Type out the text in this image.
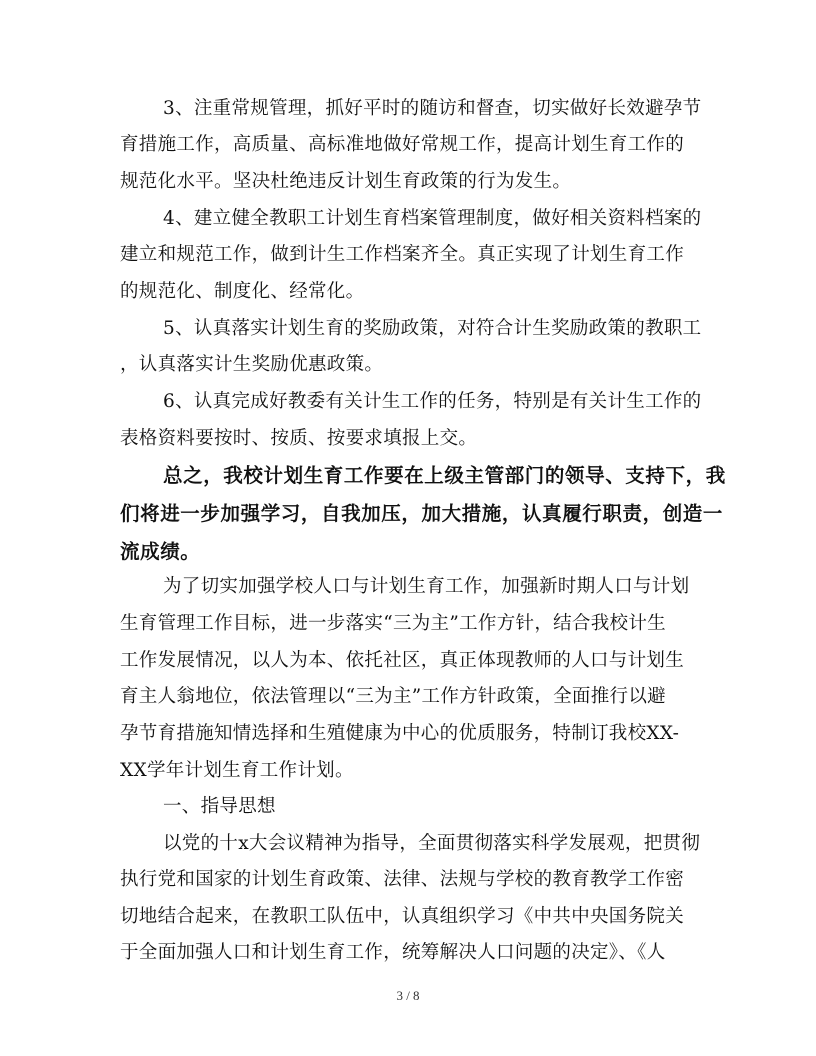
3、注重常规管理，抓好平时的随访和督查，切实做好长效避孕节
育措施工作，高质量、高标准地做好常规工作，提高计划生育工作的
规范化水平。坚决杜绝违反计划生育政策的行为发生。
4、建立健全教职工计划生育档案管理制度，做好相关资料档案的
建立和规范工作，做到计生工作档案齐全。真正实现了计划生育工作
的规范化、制度化、经常化。
5、认真落实计划生育的奖励政策，对符合计生奖励政策的教职工
，认真落实计生奖励优惠政策。
6、认真完成好教委有关计生工作的任务，特别是有关计生工作的
表格资料要按时、按质、按要求填报上交。
总之，我校计划生育工作要在上级主管部门的领导、支持下，我
们将进一步加强学习，自我加压，加大措施，认真履行职责，创造一
流成绩。
为了切实加强学校人口与计划生育工作，加强新时期人口与计划
生育管理工作目标，进一步落实“三为主”工作方针，结合我校计生
工作发展情况，以人为本、依托社区，真正体现教师的人口与计划生
育主人翁地位，依法管理以“三为主”工作方针政策，全面推行以避
孕节育措施知情选择和生殖健康为中心的优质服务，特制订我校XX-
XX学年计划生育工作计划。
一、指导思想
以党的十x大会议精神为指导，全面贯彻落实科学发展观，把贯彻
执行党和国家的计划生育政策、法律、法规与学校的教育教学工作密
切地结合起来，在教职工队伍中，认真组织学习《中共中央国务院关
于全面加强人口和计划生育工作，统筹解决人口问题的决定》、《人
3 / 8
